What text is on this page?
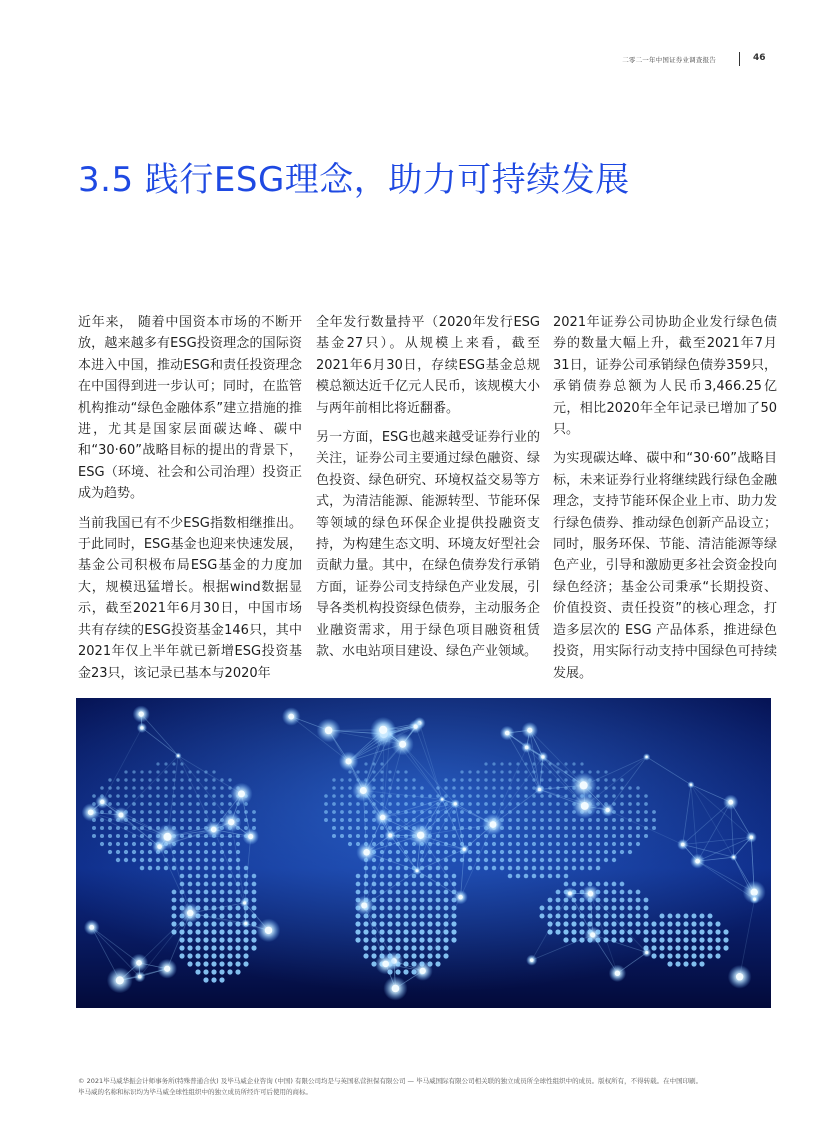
二零二一年中国证券业调查报告	46
3.5 践行ESG理念，助力可持续发展

近年来， 随着中国资本市场的不断开放，越来越多有ESG投资理念的国际资本进入中国，推动ESG和责任投资理念在中国得到进一步认可；同时，在监管机构推动“绿色金融体系”建立措施的推进，尤其是国家层面碳达峰、碳中和“30·60”战略目标的提出的背景下， ESG（环境、社会和公司治理）投资正成为趋势。

当前我国已有不少ESG指数相继推出。于此同时，ESG基金也迎来快速发展，基金公司积极布局ESG基金的力度加大，规模迅猛增长。根据wind数据显示，截至2021年6月30日，中国市场共有存续的ESG投资基金146只，其中2021年仅上半年就已新增ESG投资基金23只，该记录已基本与2020年

全年发行数量持平（2020年发行ESG基金27只）。从规模上来看，截至2021年6月30日，存续ESG基金总规模总额达近千亿元人民币，该规模大小与两年前相比将近翻番。

另一方面，ESG也越来越受证券行业的关注，证券公司主要通过绿色融资、绿色投资、绿色研究、环境权益交易等方式，为清洁能源、能源转型、节能环保等领域的绿色环保企业提供投融资支持，为构建生态文明、环境友好型社会贡献力量。其中，在绿色债券发行承销方面，证券公司支持绿色产业发展，引导各类机构投资绿色债券，主动服务企业融资需求，用于绿色项目融资租赁款、水电站项目建设、绿色产业领域。

2021年证券公司协助企业发行绿色债券的数量大幅上升，截至2021年7月31日，证券公司承销绿色债券359只，承销债券总额为人民币3,466.25亿元，相比2020年全年记录已增加了50只。

为实现碳达峰、碳中和“30·60”战略目标，未来证券行业将继续践行绿色金融理念，支持节能环保企业上市、助力发行绿色债券、推动绿色创新产品设立；同时，服务环保、节能、清洁能源等绿色产业，引导和激励更多社会资金投向绿色经济；基金公司秉承“长期投资、价值投资、责任投资”的核心理念，打造多层次的 ESG 产品体系，推进绿色投资，用实际行动支持中国绿色可持续发展。

© 2021毕马威华振会计师事务所(特殊普通合伙) 及毕马威企业咨询 (中国) 有限公司均是与英国私营担保有限公司 — 毕马威国际有限公司相关联的独立成员所全球性组织中的成员。版权所有，不得转载。在中国印刷。
毕马威的名称和标识均为毕马威全球性组织中的独立成员所经许可后使用的商标。
